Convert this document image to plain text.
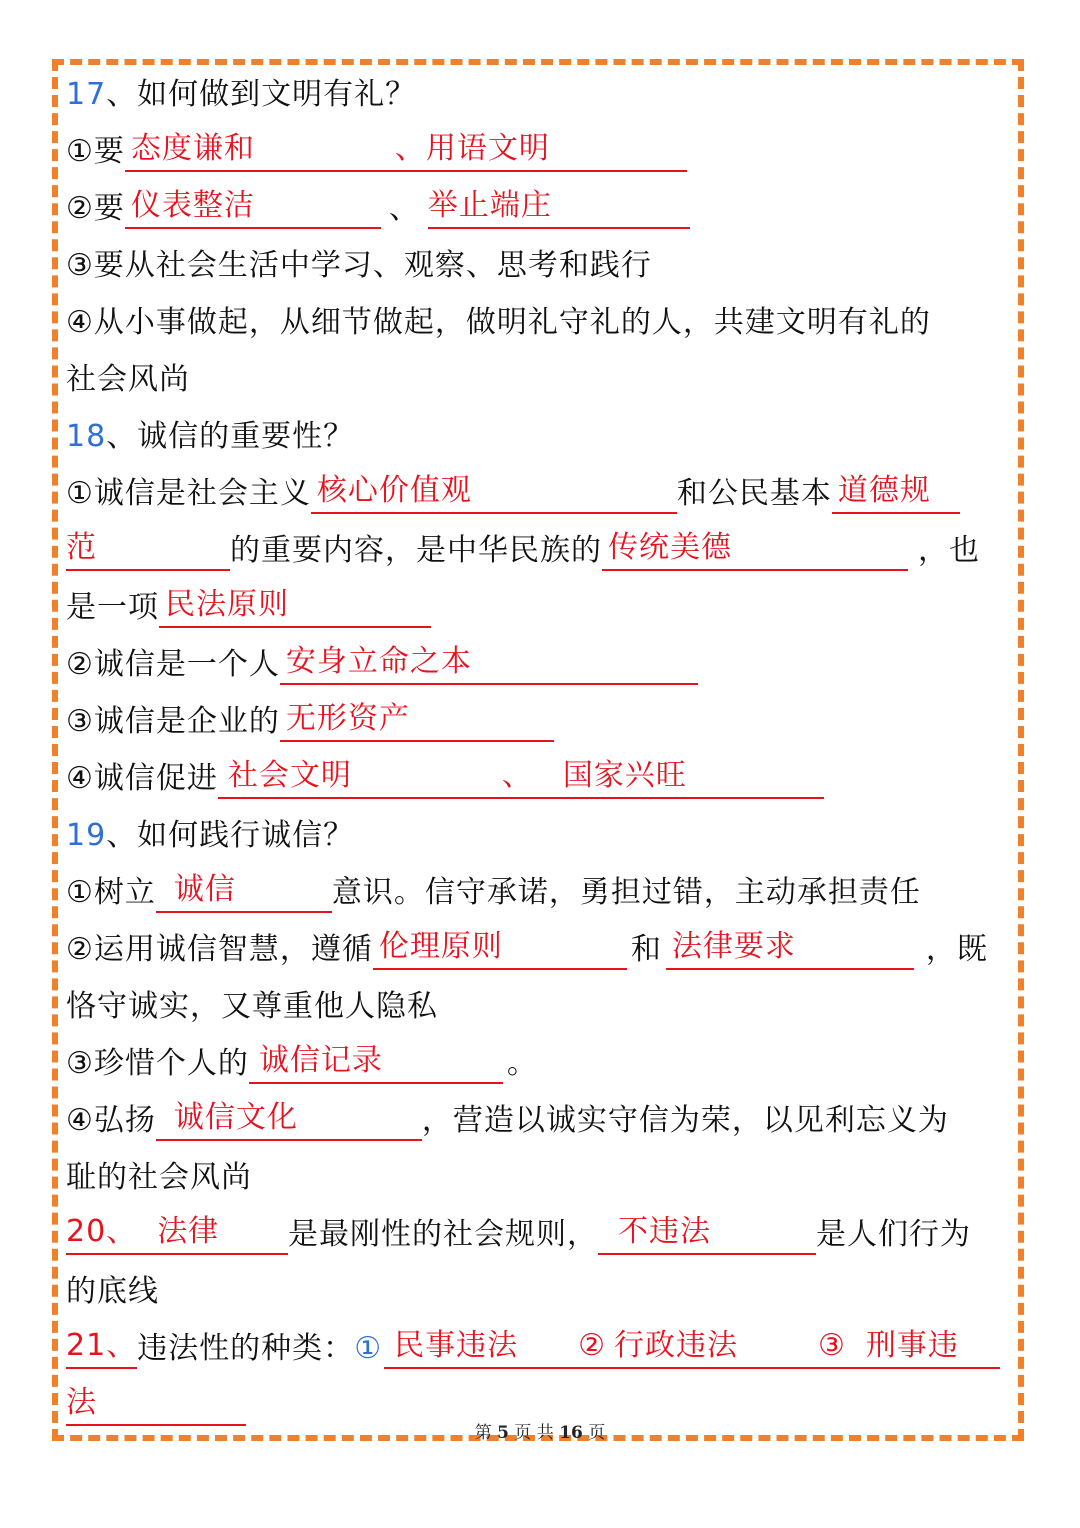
17、如何做到文明有礼？
①要 态度谦和	、用语文明
②要 仪表整洁	、 举止端庄
③要从社会生活中学习、观察、思考和践行
④从小事做起，从细节做起，做明礼守礼的人，共建文明有礼的
社会风尚
18、诚信的重要性？
①诚信是社会主义 核心价值观	和公民基本 道德规
范	的重要内容，是中华民族的 传统美德	，也
是一项 民法原则
②诚信是一个人 安身立命之本
③诚信是企业的 无形资产
④诚信促进 社会文明	、 国家兴旺
19、如何践行诚信？
①树立 诚信	意识。信守承诺，勇担过错，主动承担责任
②运用诚信智慧，遵循 伦理原则	和 法律要求	，既
恪守诚实，又尊重他人隐私
③珍惜个人的 诚信记录	。
④弘扬 诚信文化	，营造以诚实守信为荣，以见利忘义为
耻的社会风尚
20、 法律 是最刚性的社会规则， 不违法	是人们行为
的底线
21、违法性的种类：① 民事违法 ② 行政违法	③ 刑事违
法
第 5 页 共 16 页
